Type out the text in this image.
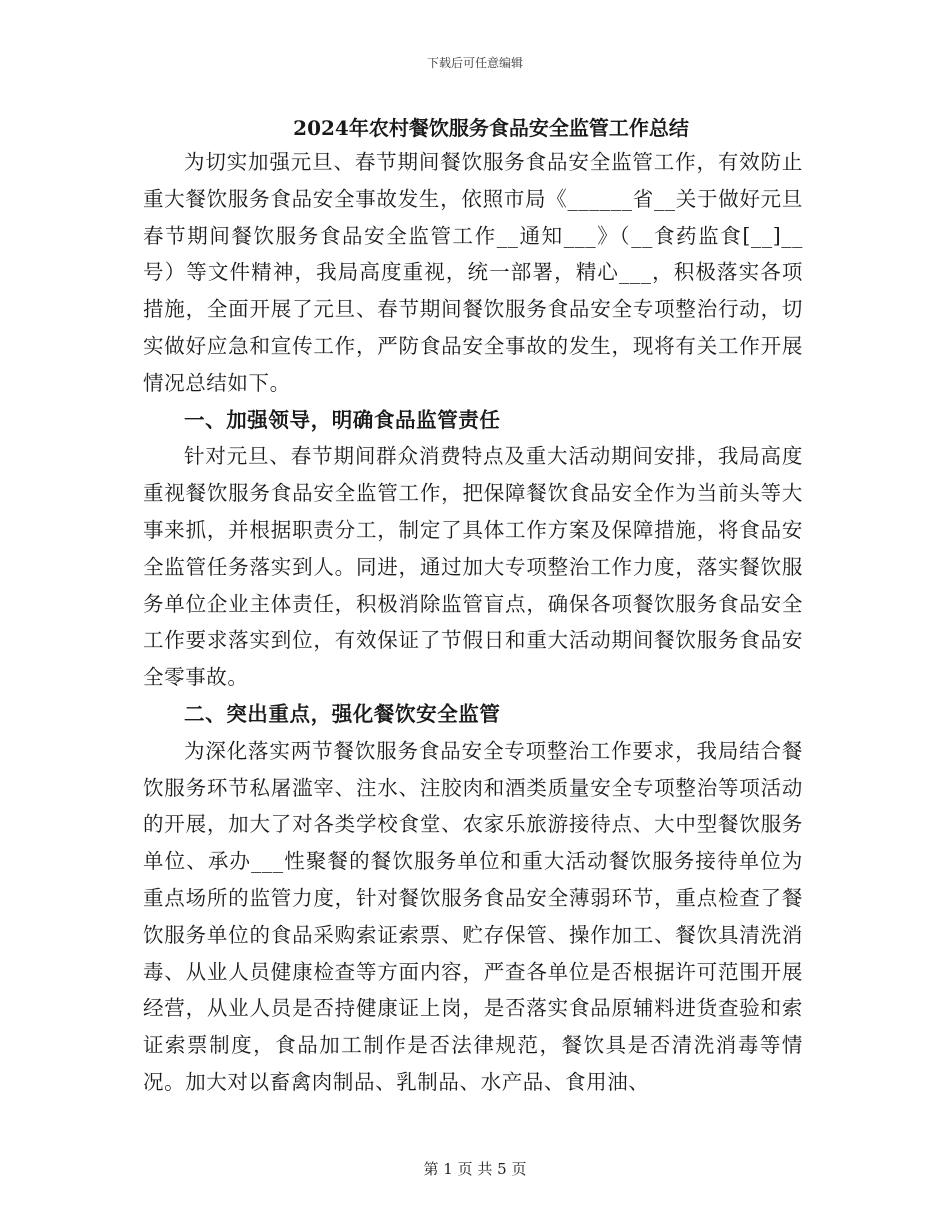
下载后可任意编辑
2024年农村餐饮服务食品安全监管工作总结

为切实加强元旦、春节期间餐饮服务食品安全监管工作，有效防止重大餐饮服务食品安全事故发生，依照市局《______省__关于做好元旦春节期间餐饮服务食品安全监管工作__通知___》（__食药监食[__]__号）等文件精神，我局高度重视，统一部署，精心___，积极落实各项措施，全面开展了元旦、春节期间餐饮服务食品安全专项整治行动，切实做好应急和宣传工作，严防食品安全事故的发生，现将有关工作开展情况总结如下。

一、加强领导，明确食品监管责任

针对元旦、春节期间群众消费特点及重大活动期间安排，我局高度重视餐饮服务食品安全监管工作，把保障餐饮食品安全作为当前头等大事来抓，并根据职责分工，制定了具体工作方案及保障措施，将食品安全监管任务落实到人。同进，通过加大专项整治工作力度，落实餐饮服务单位企业主体责任，积极消除监管盲点，确保各项餐饮服务食品安全工作要求落实到位，有效保证了节假日和重大活动期间餐饮服务食品安全零事故。

二、突出重点，强化餐饮安全监管

为深化落实两节餐饮服务食品安全专项整治工作要求，我局结合餐饮服务环节私屠滥宰、注水、注胶肉和酒类质量安全专项整治等项活动的开展，加大了对各类学校食堂、农家乐旅游接待点、大中型餐饮服务单位、承办___性聚餐的餐饮服务单位和重大活动餐饮服务接待单位为重点场所的监管力度，针对餐饮服务食品安全薄弱环节，重点检查了餐饮服务单位的食品采购索证索票、贮存保管、操作加工、餐饮具清洗消毒、从业人员健康检查等方面内容，严查各单位是否根据许可范围开展经营，从业人员是否持健康证上岗，是否落实食品原辅料进货查验和索证索票制度，食品加工制作是否法律规范，餐饮具是否清洗消毒等情况。加大对以畜禽肉制品、乳制品、水产品、食用油、

第 1 页 共 5 页
